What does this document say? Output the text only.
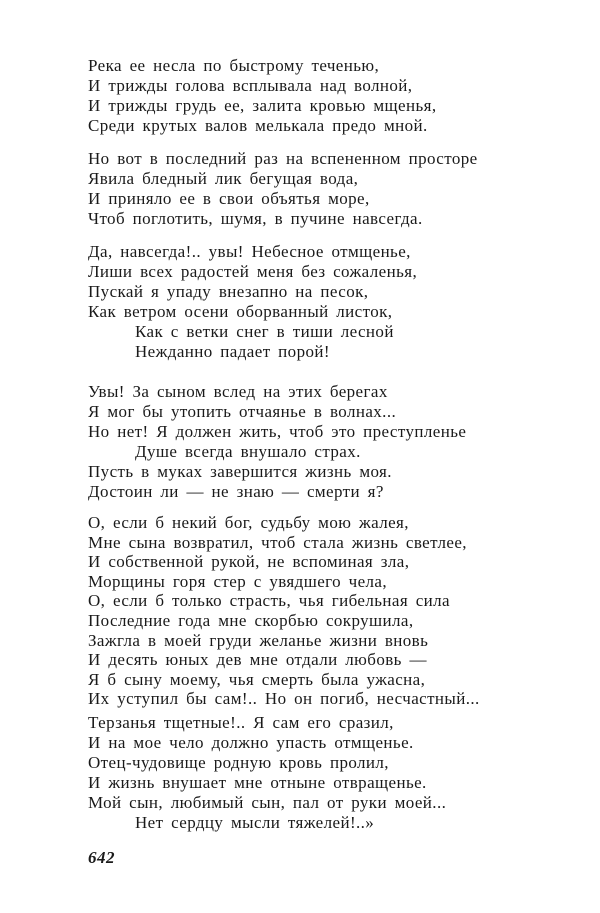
Река ее несла по быстрому теченью,
И трижды голова всплывала над волной,
И трижды грудь ее, залита кровью мщенья,
Среди крутых валов мелькала предо мной.
Но вот в последний раз на вспененном просторе
Явила бледный лик бегущая вода,
И приняло ее в свои объятья море,
Чтоб поглотить, шумя, в пучине навсегда.
Да, навсегда!.. увы! Небесное отмщенье,
Лиши всех радостей меня без сожаленья,
Пускай я упаду внезапно на песок,
Как ветром осени оборванный листок,
Как с ветки снег в тиши лесной
Нежданно падает порой!
Увы! За сыном вслед на этих берегах
Я мог бы утопить отчаянье в волнах...
Но нет! Я должен жить, чтоб это преступленье
Душе всегда внушало страх.
Пусть в муках завершится жизнь моя.
Достоин ли — не знаю — смерти я?
О, если б некий бог, судьбу мою жалея,
Мне сына возвратил, чтоб стала жизнь светлее,
И собственной рукой, не вспоминая зла,
Морщины горя стер с увядшего чела,
О, если б только страсть, чья гибельная сила
Последние года мне скорбью сокрушила,
Зажгла в моей груди желанье жизни вновь
И десять юных дев мне отдали любовь —
Я б сыну моему, чья смерть была ужасна,
Их уступил бы сам!.. Но он погиб, несчастный...
Терзанья тщетные!.. Я сам его сразил,
И на мое чело должно упасть отмщенье.
Отец-чудовище родную кровь пролил,
И жизнь внушает мне отныне отвращенье.
Мой сын, любимый сын, пал от руки моей...
Нет сердцу мысли тяжелей!..»
642
